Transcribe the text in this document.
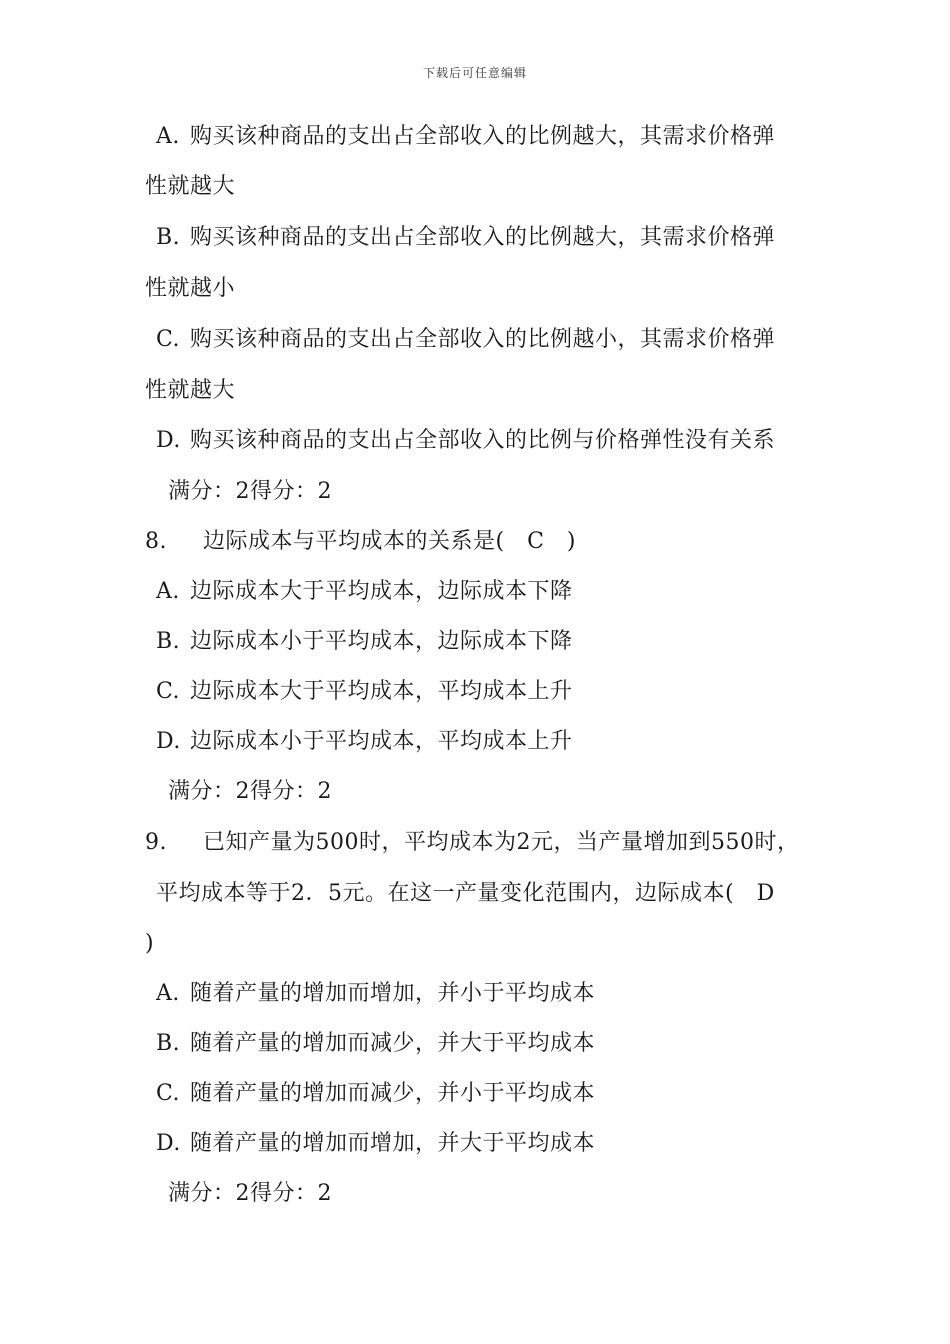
下载后可任意编辑
A. 购买该种商品的支出占全部收入的比例越大，其需求价格弹
性就越大
B. 购买该种商品的支出占全部收入的比例越大，其需求价格弹
性就越小
C. 购买该种商品的支出占全部收入的比例越小，其需求价格弹
性就越大
D. 购买该种商品的支出占全部收入的比例与价格弹性没有关系
满分：2得分：2
8. 边际成本与平均成本的关系是(　C　)
A. 边际成本大于平均成本，边际成本下降
B. 边际成本小于平均成本，边际成本下降
C. 边际成本大于平均成本，平均成本上升
D. 边际成本小于平均成本，平均成本上升
满分：2得分：2
9. 已知产量为500时，平均成本为2元，当产量增加到550时，
平均成本等于2．5元。在这一产量变化范围内，边际成本(　D
)
A. 随着产量的增加而增加，并小于平均成本
B. 随着产量的增加而减少，并大于平均成本
C. 随着产量的增加而减少，并小于平均成本
D. 随着产量的增加而增加，并大于平均成本
满分：2得分：2
